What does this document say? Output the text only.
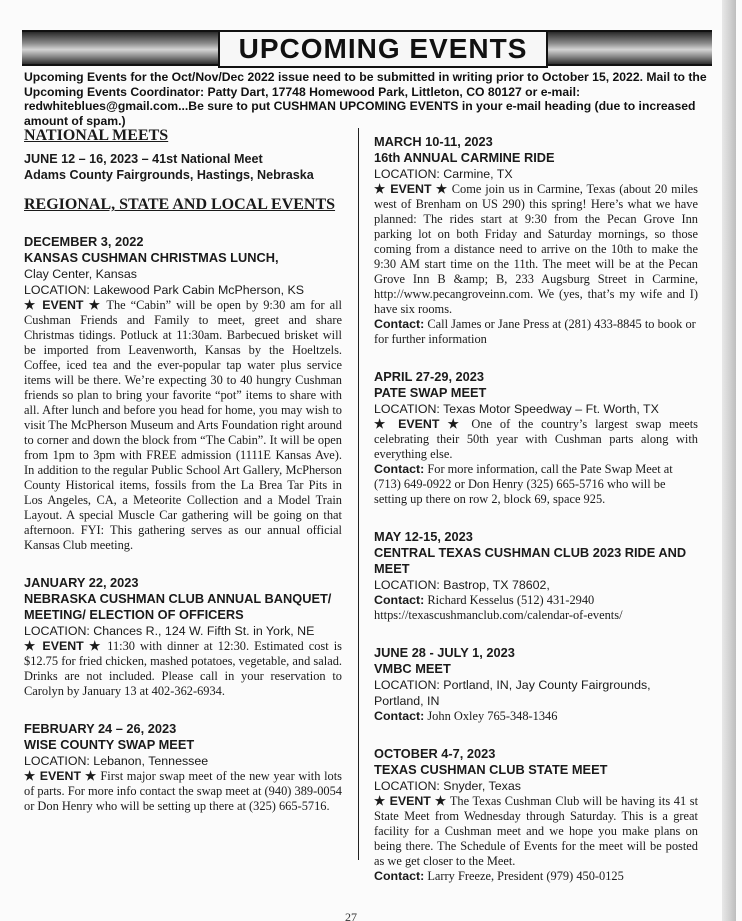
UPCOMING EVENTS

Upcoming Events for the Oct/Nov/Dec 2022 issue need to be submitted in writing prior to October 15, 2022. Mail to the Upcoming Events Coordinator: Patty Dart, 17748 Homewood Park, Littleton, CO 80127 or e-mail: redwhiteblues@gmail.com...Be sure to put CUSHMAN UPCOMING EVENTS in your e-mail heading (due to increased amount of spam.)

NATIONAL MEETS
JUNE 12 – 16, 2023 – 41st National Meet
Adams County Fairgrounds, Hastings, Nebraska
REGIONAL, STATE AND LOCAL EVENTS
DECEMBER 3, 2022
KANSAS CUSHMAN CHRISTMAS LUNCH,
Clay Center, Kansas
LOCATION: Lakewood Park Cabin McPherson, KS

★ EVENT ★ The “Cabin” will be open by 9:30 am for all Cushman Friends and Family to meet, greet and share Christmas tidings. Potluck at 11:30am. Barbecued brisket will be imported from Leavenworth, Kansas by the Hoeltzels. Coffee, iced tea and the ever-popular tap water plus service items will be there. We’re expecting 30 to 40 hungry Cushman friends so plan to bring your favorite “pot” items to share with all. After lunch and before you head for home, you may wish to visit The McPherson Museum and Arts Foundation right around to corner and down the block from “The Cabin”. It will be open from 1pm to 3pm with FREE admission (1111E Kansas Ave). In addition to the regular Public School Art Gallery, McPherson County Historical items, fossils from the La Brea Tar Pits in Los Angeles, CA, a Meteorite Collection and a Model Train Layout. A special Muscle Car gathering will be going on that afternoon. FYI: This gathering serves as our annual official Kansas Club meeting.

JANUARY 22, 2023
NEBRASKA CUSHMAN CLUB ANNUAL BANQUET/ MEETING/ ELECTION OF OFFICERS
LOCATION: Chances R., 124 W. Fifth St. in York, NE

★ EVENT ★ 11:30 with dinner at 12:30. Estimated cost is $12.75 for fried chicken, mashed potatoes, vegetable, and salad. Drinks are not included. Please call in your reservation to Carolyn by January 13 at 402-362-6934.

FEBRUARY 24 – 26, 2023
WISE COUNTY SWAP MEET
LOCATION: Lebanon, Tennessee

★ EVENT ★ First major swap meet of the new year with lots of parts. For more info contact the swap meet at (940) 389-0054 or Don Henry who will be setting up there at (325) 665-5716.

MARCH 10-11, 2023
16th ANNUAL CARMINE RIDE
LOCATION: Carmine, TX

★ EVENT ★ Come join us in Carmine, Texas (about 20 miles west of Brenham on US 290) this spring! Here’s what we have planned: The rides start at 9:30 from the Pecan Grove Inn parking lot on both Friday and Saturday mornings, so those coming from a distance need to arrive on the 10th to make the 9:30 AM start time on the 11th. The meet will be at the Pecan Grove Inn B &amp; B, 233 Augsburg Street in Carmine, http://www.pecangroveinn.com. We (yes, that’s my wife and I) have six rooms.

Contact: Call James or Jane Press at (281) 433-8845 to book or for further information

APRIL 27-29, 2023
PATE SWAP MEET
LOCATION: Texas Motor Speedway – Ft. Worth, TX

★ EVENT ★ One of the country’s largest swap meets celebrating their 50th year with Cushman parts along with everything else.

Contact: For more information, call the Pate Swap Meet at (713) 649-0922 or Don Henry (325) 665-5716 who will be setting up there on row 2, block 69, space 925.

MAY 12-15, 2023
CENTRAL TEXAS CUSHMAN CLUB 2023 RIDE AND MEET
LOCATION: Bastrop, TX 78602,

Contact: Richard Kesselus (512) 431-2940

https://texascushmanclub.com/calendar-of-events/
JUNE 28 - JULY 1, 2023
VMBC MEET
LOCATION: Portland, IN, Jay County Fairgrounds, Portland, IN

Contact: John Oxley 765-348-1346

OCTOBER 4-7, 2023
TEXAS CUSHMAN CLUB STATE MEET
LOCATION: Snyder, Texas

★ EVENT ★ The Texas Cushman Club will be having its 41 st State Meet from Wednesday through Saturday. This is a great facility for a Cushman meet and we hope you make plans on being there. The Schedule of Events for the meet will be posted as we get closer to the Meet.

Contact: Larry Freeze, President (979) 450-0125

27
